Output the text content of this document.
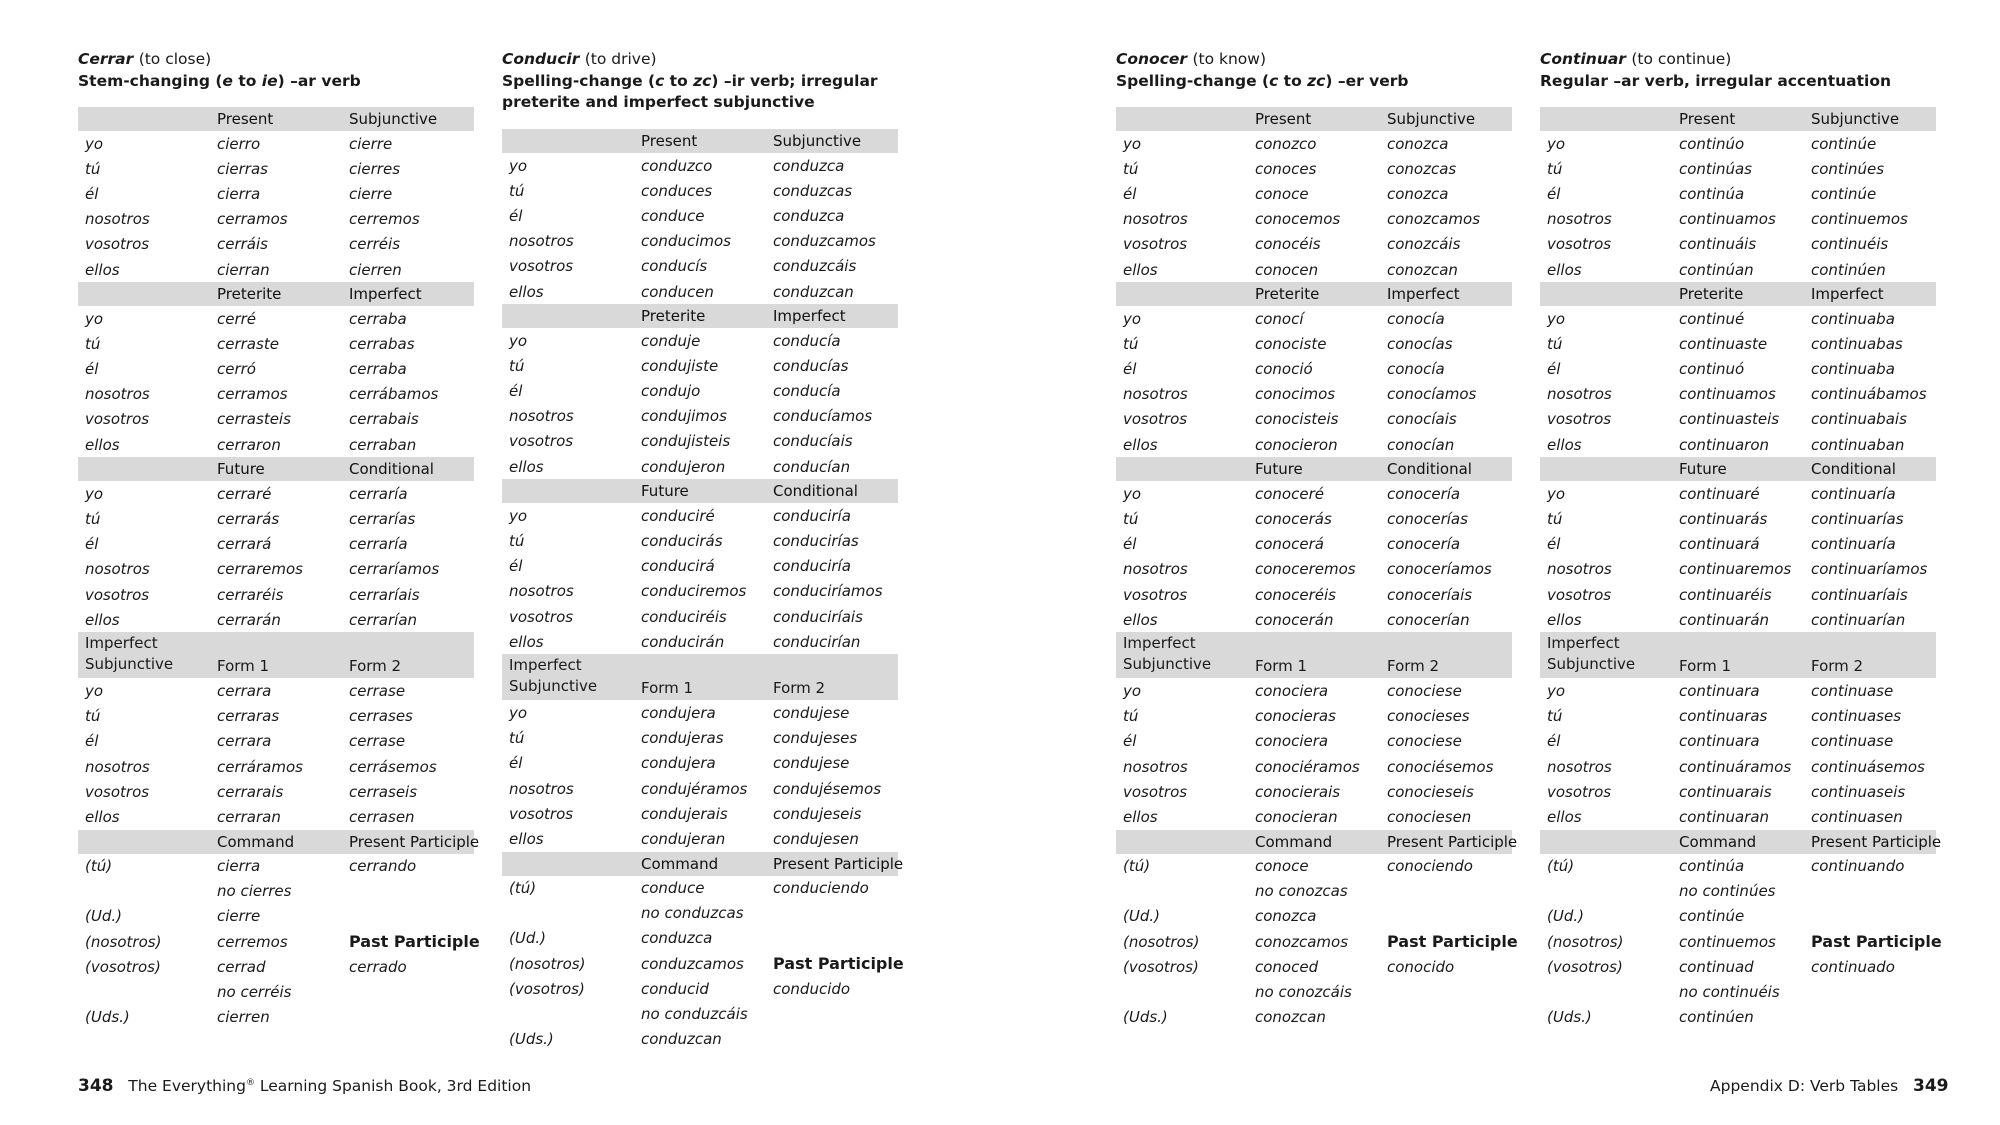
Cerrar (to close)
Stem-changing (e to ie) –ar verb
Present	Subjunctive
yo	cierro	cierre
tú	cierras	cierres
él	cierra	cierre
nosotros	cerramos	cerremos
vosotros	cerráis	cerréis
ellos	cierran	cierren
Preterite	Imperfect
yo	cerré	cerraba
tú	cerraste	cerrabas
él	cerró	cerraba
nosotros	cerramos	cerrábamos
vosotros	cerrasteis	cerrabais
ellos	cerraron	cerraban
Future	Conditional
yo	cerraré	cerraría
tú	cerrarás	cerrarías
él	cerrará	cerraría
nosotros	cerraremos	cerraríamos
vosotros	cerraréis	cerraríais
ellos	cerrarán	cerrarían
Imperfect Subjunctive	Form 1	Form 2
yo	cerrara	cerrase
tú	cerraras	cerrases
él	cerrara	cerrase
nosotros	cerráramos	cerrásemos
vosotros	cerrarais	cerraseis
ellos	cerraran	cerrasen
Command	Present Participle
(tú)	cierra	cerrando
no cierres
(Ud.)	cierre
(nosotros)	cerremos	Past Participle
(vosotros)	cerrad	cerrado
no cerréis
(Uds.)	cierren
Conducir (to drive)
Spelling-change (c to zc) –ir verb; irregular preterite and imperfect subjunctive
Present	Subjunctive
yo	conduzco	conduzca
tú	conduces	conduzcas
él	conduce	conduzca
nosotros	conducimos	conduzcamos
vosotros	conducís	conduzcáis
ellos	conducen	conduzcan
Preterite	Imperfect
yo	conduje	conducía
tú	condujiste	conducías
él	condujo	conducía
nosotros	condujimos	conducíamos
vosotros	condujisteis	conducíais
ellos	condujeron	conducían
Future	Conditional
yo	conduciré	conduciría
tú	conducirás	conducirías
él	conducirá	conduciría
nosotros	conduciremos	conduciríamos
vosotros	conduciréis	conduciríais
ellos	conducirán	conducirían
Imperfect Subjunctive	Form 1	Form 2
yo	condujera	condujese
tú	condujeras	condujeses
él	condujera	condujese
nosotros	condujéramos	condujésemos
vosotros	condujerais	condujeseis
ellos	condujeran	condujesen
Command	Present Participle
(tú)	conduce	conduciendo
no conduzcas
(Ud.)	conduzca
(nosotros)	conduzcamos	Past Participle
(vosotros)	conducid	conducido
no conduzcáis
(Uds.)	conduzcan
Conocer (to know)
Spelling-change (c to zc) –er verb
Present	Subjunctive
yo	conozco	conozca
tú	conoces	conozcas
él	conoce	conozca
nosotros	conocemos	conozcamos
vosotros	conocéis	conozcáis
ellos	conocen	conozcan
Preterite	Imperfect
yo	conocí	conocía
tú	conociste	conocías
él	conoció	conocía
nosotros	conocimos	conocíamos
vosotros	conocisteis	conocíais
ellos	conocieron	conocían
Future	Conditional
yo	conoceré	conocería
tú	conocerás	conocerías
él	conocerá	conocería
nosotros	conoceremos	conoceríamos
vosotros	conoceréis	conoceríais
ellos	conocerán	conocerían
Imperfect Subjunctive	Form 1	Form 2
yo	conociera	conociese
tú	conocieras	conocieses
él	conociera	conociese
nosotros	conociéramos	conociésemos
vosotros	conocierais	conocieseis
ellos	conocieran	conociesen
Command	Present Participle
(tú)	conoce	conociendo
no conozcas
(Ud.)	conozca
(nosotros)	conozcamos	Past Participle
(vosotros)	conoced	conocido
no conozcáis
(Uds.)	conozcan
Continuar (to continue)
Regular –ar verb, irregular accentuation
Present	Subjunctive
yo	continúo	continúe
tú	continúas	continúes
él	continúa	continúe
nosotros	continuamos	continuemos
vosotros	continuáis	continuéis
ellos	continúan	continúen
Preterite	Imperfect
yo	continué	continuaba
tú	continuaste	continuabas
él	continuó	continuaba
nosotros	continuamos	continuábamos
vosotros	continuasteis	continuabais
ellos	continuaron	continuaban
Future	Conditional
yo	continuaré	continuaría
tú	continuarás	continuarías
él	continuará	continuaría
nosotros	continuaremos	continuaríamos
vosotros	continuaréis	continuaríais
ellos	continuarán	continuarían
Imperfect Subjunctive	Form 1	Form 2
yo	continuara	continuase
tú	continuaras	continuases
él	continuara	continuase
nosotros	continuáramos	continuásemos
vosotros	continuarais	continuaseis
ellos	continuaran	continuasen
Command	Present Participle
(tú)	continúa	continuando
no continúes
(Ud.)	continúe
(nosotros)	continuemos	Past Participle
(vosotros)	continuad	continuado
no continuéis
(Uds.)	continúen
348 The Everything® Learning Spanish Book, 3rd Edition	Appendix D: Verb Tables 349
